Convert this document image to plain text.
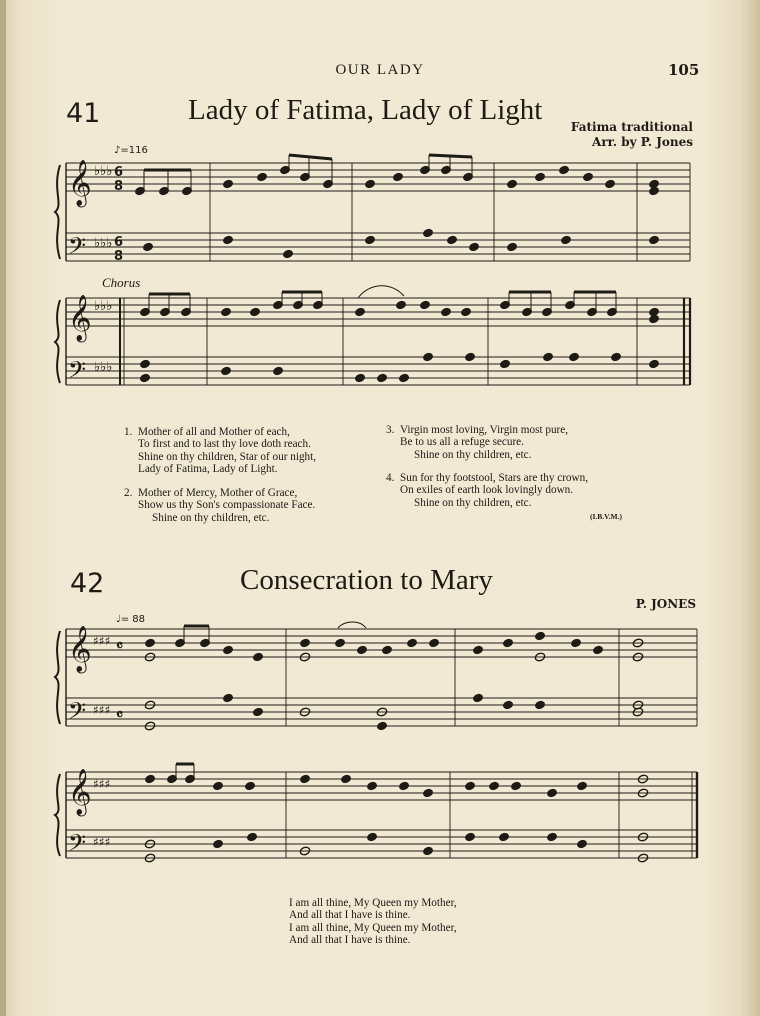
OUR LADY	105
41	Lady of Fatima, Lady of Light
Fatima traditional
Arr. by P. Jones
♪=116
Chorus
1. Mother of all and Mother of each,
To first and to last thy love doth reach.
Shine on thy children, Star of our night,
Lady of Fatima, Lady of Light.
2. Mother of Mercy, Mother of Grace,
Show us thy Son's compassionate Face.
Shine on thy children, etc.
3. Virgin most loving, Virgin most pure,
Be to us all a refuge secure.
Shine on thy children, etc.
4. Sun for thy footstool, Stars are thy crown,
On exiles of earth look lovingly down.
Shine on thy children, etc.
(I.B.V.M.)
42	Consecration to Mary
P. JONES
♩= 88
I am all thine, My Queen my Mother,
And all that I have is thine.
I am all thine, My Queen my Mother,
And all that I have is thine.
𝄞
𝄢
𝄞
𝄢
𝄞
𝄢
𝄞
𝄢
♭♭♭
♭♭♭
♭♭♭
♭♭♭
♯♯♯
♯♯♯
♯♯♯
♯♯♯
6
8
6
8
𝄴
𝄴
